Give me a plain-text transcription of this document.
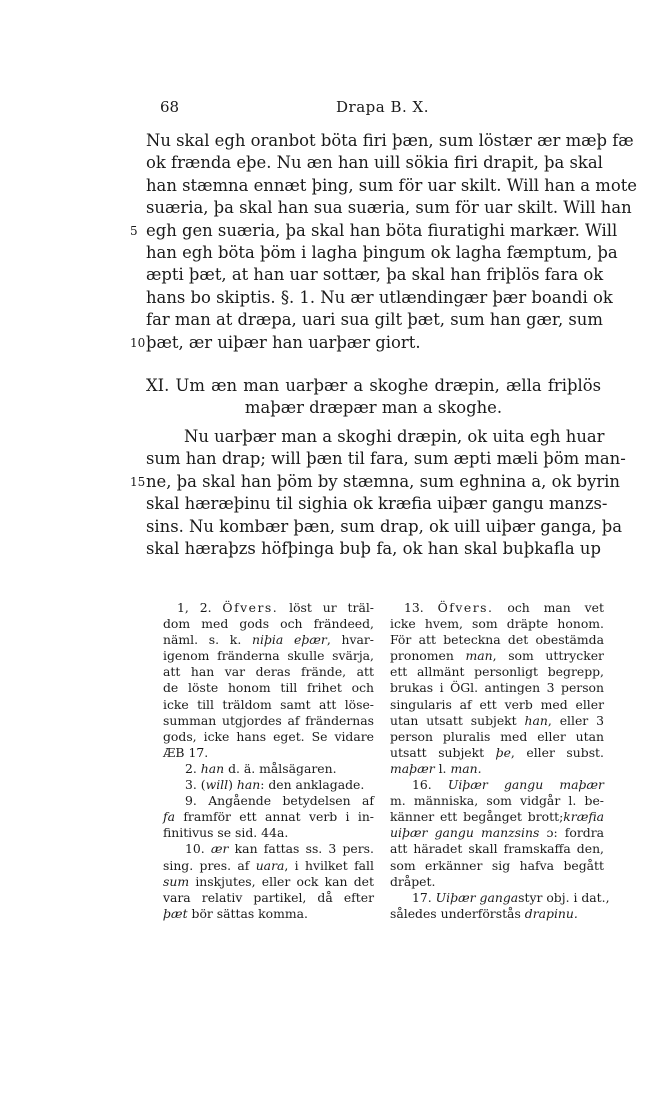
68	Drapa B. X.
Nu skal egh oranbot böta firi þæn, sum löstær ær mæþ fæ
ok frænda eþe. Nu æn han uill sökia firi drapit, þa skal
han stæmna ennæt þing, sum för uar skilt. Will han a mote
suæria, þa skal han sua suæria, sum för uar skilt. Will han
5 egh gen suæria, þa skal han böta fiuratighi markær. Will
han egh böta þöm i lagha þingum ok lagha fæmptum, þa
æpti þæt, at han uar sottær, þa skal han friþlös fara ok
hans bo skiptis. §. 1. Nu ær utlændingær þær boandi ok
far man at dræpa, uari sua gilt þæt, sum han gær, sum
10 þæt, ær uiþær han uarþær giort.
XI. Um æn man uarþær a skoghe dræpin, ælla friþlös
maþær dræpær man a skoghe.
Nu uarþær man a skoghi dræpin, ok uita egh huar
sum han drap; will þæn til fara, sum æpti mæli þöm man-
15 ne, þa skal han þöm by stæmna, sum eghnina a, ok byrin
skal hæræþinu til sighia ok kræfia uiþær gangu manzs-
sins. Nu kombær þæn, sum drap, ok uill uiþær ganga, þa
skal hæraþzs höfþinga buþ fa, ok han skal buþkafla up
1, 2. Öfvers. löst ur träl-
dom med gods och frändeed,
näml. s. k. niþia eþær, hvar-
igenom fränderna skulle svärja,
att han var deras frände, att
de löste honom till frihet och
icke till träldom samt att löse-
summan utgjordes af frändernas
gods, icke hans eget. Se vidare
ÆB 17.
2. han d. ä. målsägaren.
3. (will) han: den anklagade.
9. Angående betydelsen af
fa framför ett annat verb i in-
finitivus se sid. 44a.
10. ær kan fattas ss. 3 pers.
sing. pres. af uara, i hvilket fall
sum inskjutes, eller ock kan det
vara relativ partikel, då efter
þæt bör sättas komma.
13. Öfvers. och man vet
icke hvem, som dräpte honom.
För att beteckna det obestämda
pronomen man, som uttrycker
ett allmänt personligt begrepp,
brukas i ÖGl. antingen 3 person
singularis af ett verb med eller
utan utsatt subjekt han, eller 3
person pluralis med eller utan
utsatt subjekt þe, eller subst.
maþær l. man.
16. Uiþær gangu maþær
m. människa, som vidgår l. be-
känner ett begånget brott;kræfia
uiþær gangu manzsins ɔ: fordra
att häradet skall framskaffa den,
som erkänner sig hafva begått
dråpet.
17. Uiþær gangastyr obj. i dat.,
således underförstås drapinu.
